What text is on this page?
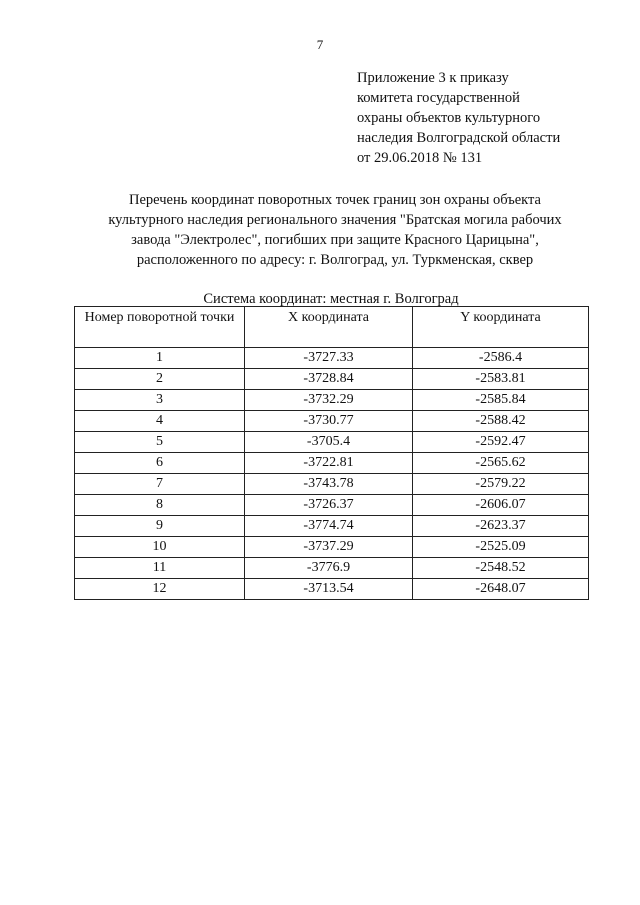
7
Приложение 3 к приказу
комитета государственной
охраны объектов культурного
наследия Волгоградской области
от 29.06.2018 № 131
Перечень координат поворотных точек границ зон охраны объекта
культурного наследия регионального значения "Братская могила рабочих
завода "Электролес", погибших при защите Красного Царицына",
расположенного по адресу: г. Волгоград, ул. Туркменская, сквер
Система координат: местная г. Волгоград
Номер поворотной точки	X координата	Y координата
1	-3727.33	-2586.4
2	-3728.84	-2583.81
3	-3732.29	-2585.84
4	-3730.77	-2588.42
5	-3705.4	-2592.47
6	-3722.81	-2565.62
7	-3743.78	-2579.22
8	-3726.37	-2606.07
9	-3774.74	-2623.37
10	-3737.29	-2525.09
11	-3776.9	-2548.52
12	-3713.54	-2648.07
